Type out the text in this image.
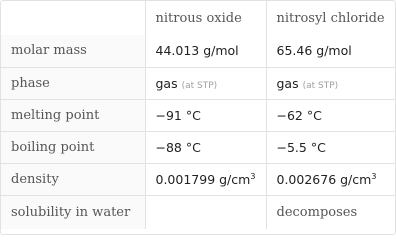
	nitrous oxide	nitrosyl chloride
molar mass	44.013 g/mol	65.46 g/mol
phase	gas (at STP)	gas (at STP)
melting point	−91 °C	−62 °C
boiling point	−88 °C	−5.5 °C
density	0.001799 $g/cm^3$	0.002676 $g/cm^3$
solubility in water		decomposes
